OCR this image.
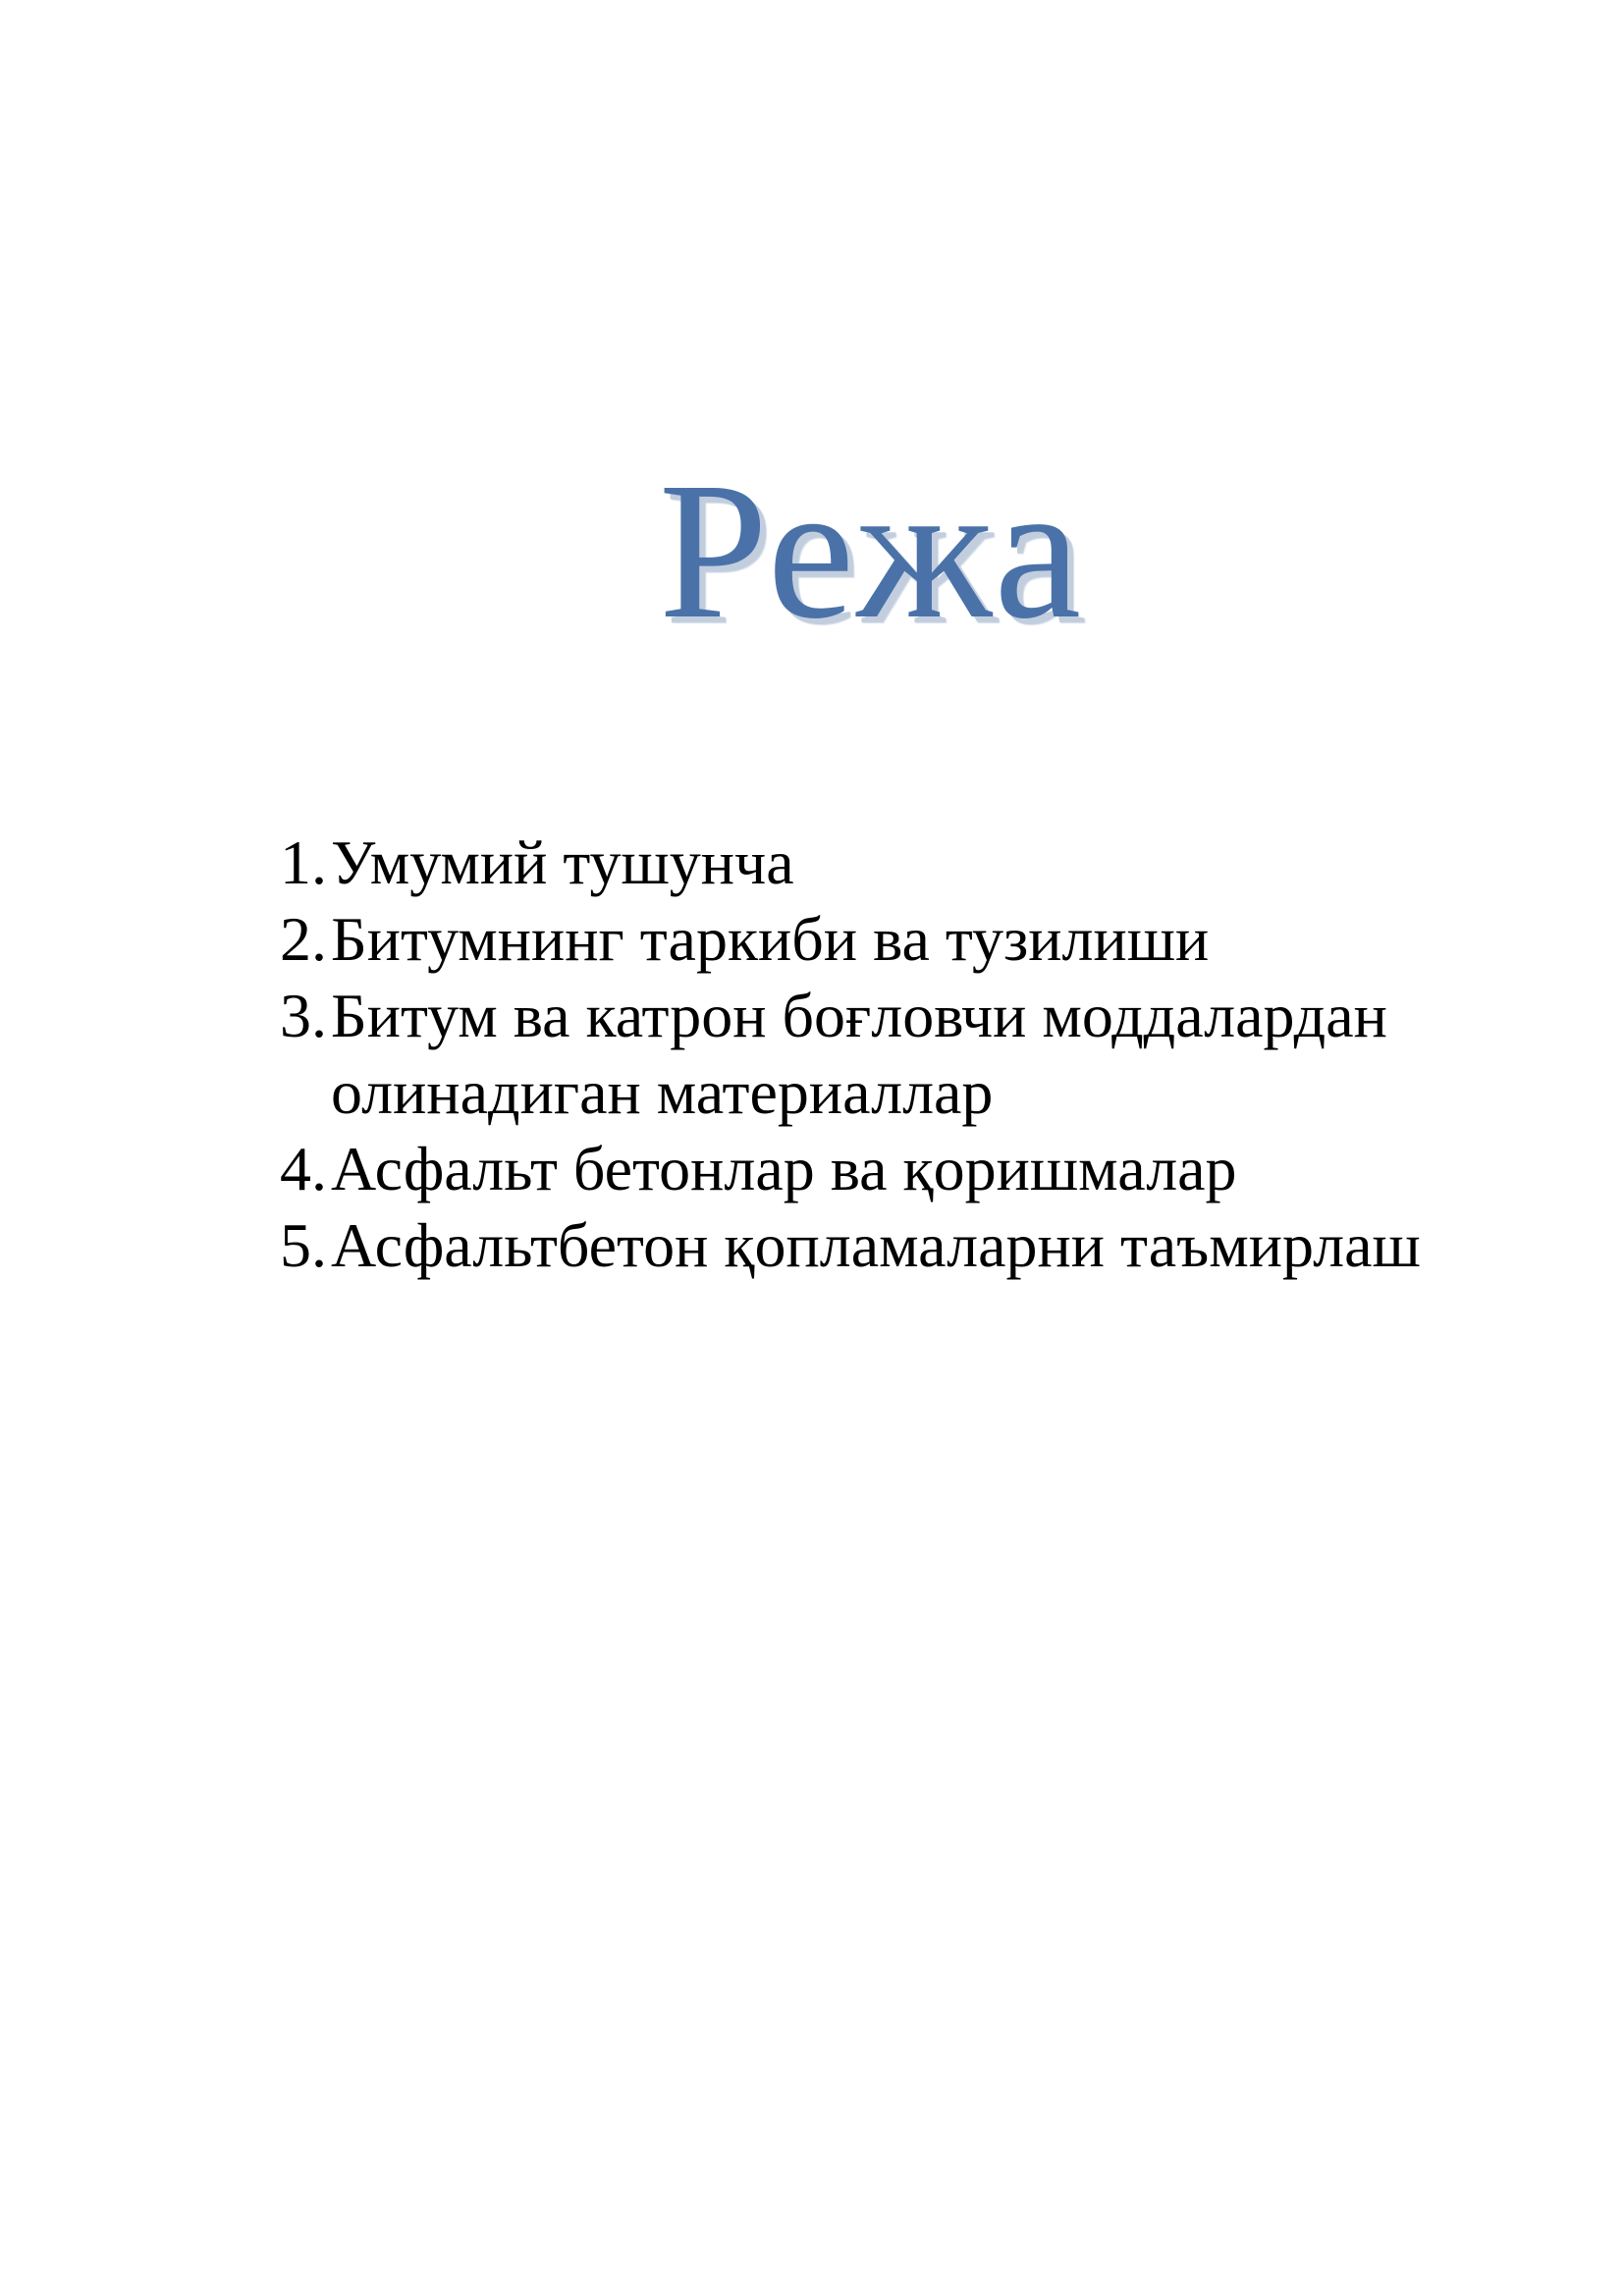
Режа
1. Умумий тушунча
2. Битумнинг таркиби ва тузилиши
3. Битум ва катрон боғловчи моддалардан олинадиган материаллар
4. Асфальт бетонлар ва қоришмалар
5. Асфальтбетон қопламаларни таъмирлаш
